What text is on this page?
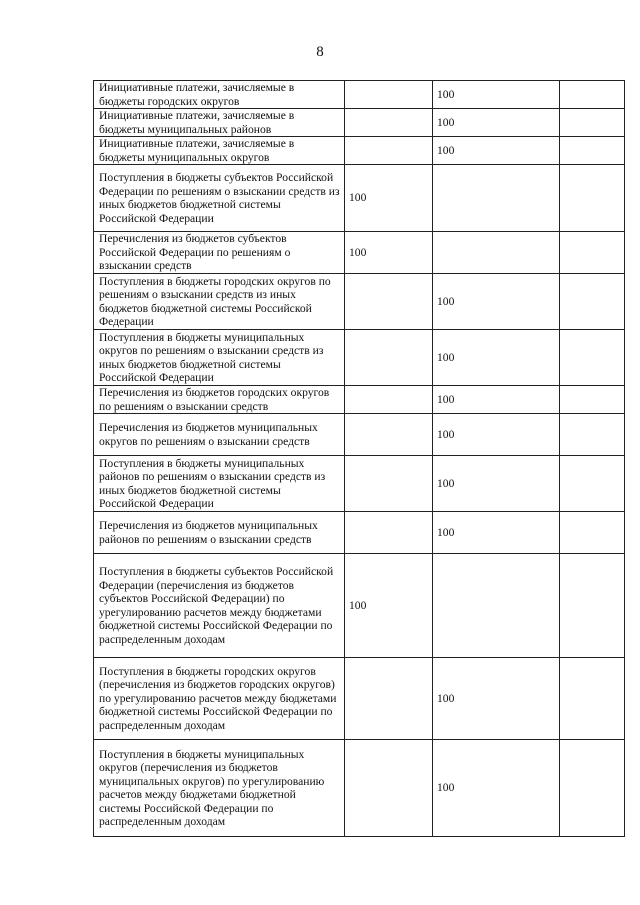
8
Инициативные платежи, зачисляемые в бюджеты городских округов		100		
Инициативные платежи, зачисляемые в бюджеты муниципальных районов		100		
Инициативные платежи, зачисляемые в бюджеты муниципальных округов		100		
Поступления в бюджеты субъектов Российской Федерации по решениям о взыскании средств из иных бюджетов бюджетной системы Российской Федерации	100			
Перечисления из бюджетов субъектов Российской Федерации по решениям о взыскании средств	100			
Поступления в бюджеты городских округов по решениям о взыскании средств из иных бюджетов бюджетной системы Российской Федерации		100		
Поступления в бюджеты муниципальных округов по решениям о взыскании средств из иных бюджетов бюджетной системы Российской Федерации		100		
Перечисления из бюджетов городских округов по решениям о взыскании средств		100		
Перечисления из бюджетов муниципальных округов по решениям о взыскании средств		100		
Поступления в бюджеты муниципальных районов по решениям о взыскании средств из иных бюджетов бюджетной системы Российской Федерации		100		
Перечисления из бюджетов муниципальных районов по решениям о взыскании средств		100		
Поступления в бюджеты субъектов Российской Федерации (перечисления из бюджетов субъектов Российской Федерации) по урегулированию расчетов между бюджетами бюджетной системы Российской Федерации по распределенным доходам	100			
Поступления в бюджеты городских округов (перечисления из бюджетов городских округов) по урегулированию расчетов между бюджетами бюджетной системы Российской Федерации по распределенным доходам		100		
Поступления в бюджеты муниципальных округов (перечисления из бюджетов муниципальных округов) по урегулированию расчетов между бюджетами бюджетной системы Российской Федерации по распределенным доходам		100		
